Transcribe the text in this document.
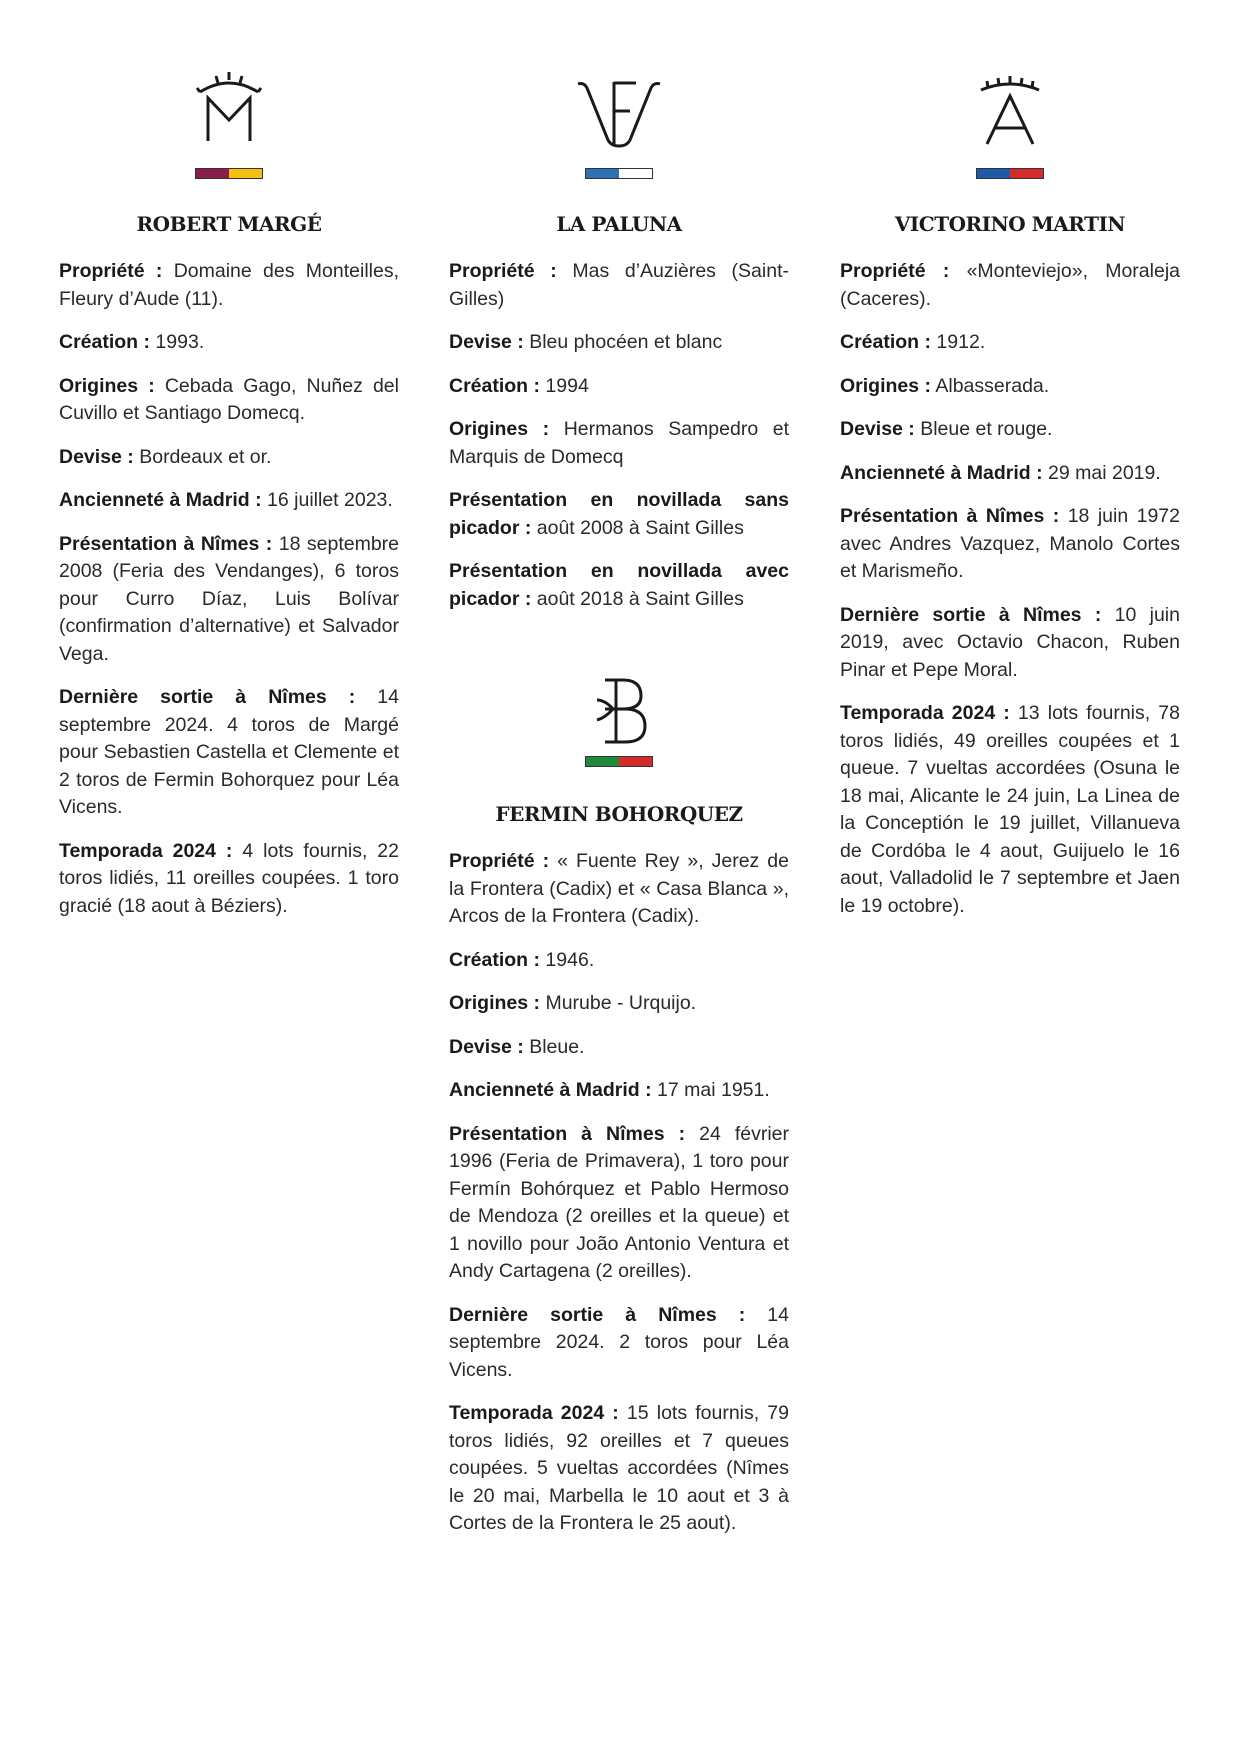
ROBERT MARGÉ

Propriété : Domaine des Monteilles, Fleury d’Aude (11).

Création : 1993.

Origines : Cebada Gago, Nuñez del Cuvillo et Santiago Domecq.

Devise : Bordeaux et or.

Ancienneté à Madrid : 16 juillet 2023.

Présentation à Nîmes : 18 septembre 2008 (Feria des Vendanges), 6 toros pour Curro Díaz, Luis Bolívar (confirmation d’alternative) et Salvador Vega.

Dernière sortie à Nîmes : 14 septembre 2024. 4 toros de Margé pour Sebastien Castella et Clemente et 2 toros de Fermin Bohorquez pour Léa Vicens.

Temporada 2024 : 4 lots fournis, 22 toros lidiés, 11 oreilles coupées. 1 toro gracié (18 aout à Béziers).

LA PALUNA

Propriété : Mas d’Auzières (Saint-Gilles)

Devise : Bleu phocéen et blanc

Création : 1994

Origines : Hermanos Sampedro et Marquis de Domecq

Présentation en novillada sans picador : août 2008 à Saint Gilles

Présentation en novillada avec picador : août 2018 à Saint Gilles

FERMIN BOHORQUEZ

Propriété : « Fuente Rey », Jerez de la Frontera (Cadix) et « Casa Blanca », Arcos de la Frontera (Cadix).

Création : 1946.

Origines : Murube - Urquijo.

Devise : Bleue.

Ancienneté à Madrid : 17 mai 1951.

Présentation à Nîmes : 24 février 1996 (Feria de Primavera), 1 toro pour Fermín Bohórquez et Pablo Hermoso de Mendoza (2 oreilles et la queue) et 1 novillo pour João Antonio Ventura et Andy Cartagena (2 oreilles).

Dernière sortie à Nîmes : 14 septembre 2024. 2 toros pour Léa Vicens.

Temporada 2024 : 15 lots fournis, 79 toros lidiés, 92 oreilles et 7 queues coupées. 5 vueltas accordées (Nîmes le 20 mai, Marbella le 10 aout et 3 à Cortes de la Frontera le 25 aout).

VICTORINO MARTIN

Propriété : «Monteviejo», Moraleja (Caceres).

Création : 1912.

Origines : Albasserada.

Devise : Bleue et rouge.

Ancienneté à Madrid : 29 mai 2019.

Présentation à Nîmes : 18 juin 1972 avec Andres Vazquez, Manolo Cortes et Marismeño.

Dernière sortie à Nîmes : 10 juin 2019, avec Octavio Chacon, Ruben Pinar et Pepe Moral.

Temporada 2024 : 13 lots fournis, 78 toros lidiés, 49 oreilles coupées et 1 queue. 7 vueltas accordées (Osuna le 18 mai, Alicante le 24 juin, La Linea de la Conceptión le 19 juillet, Villanueva de Cordóba le 4 aout, Guijuelo le 16 aout, Valladolid le 7 septembre et Jaen le 19 octobre).
